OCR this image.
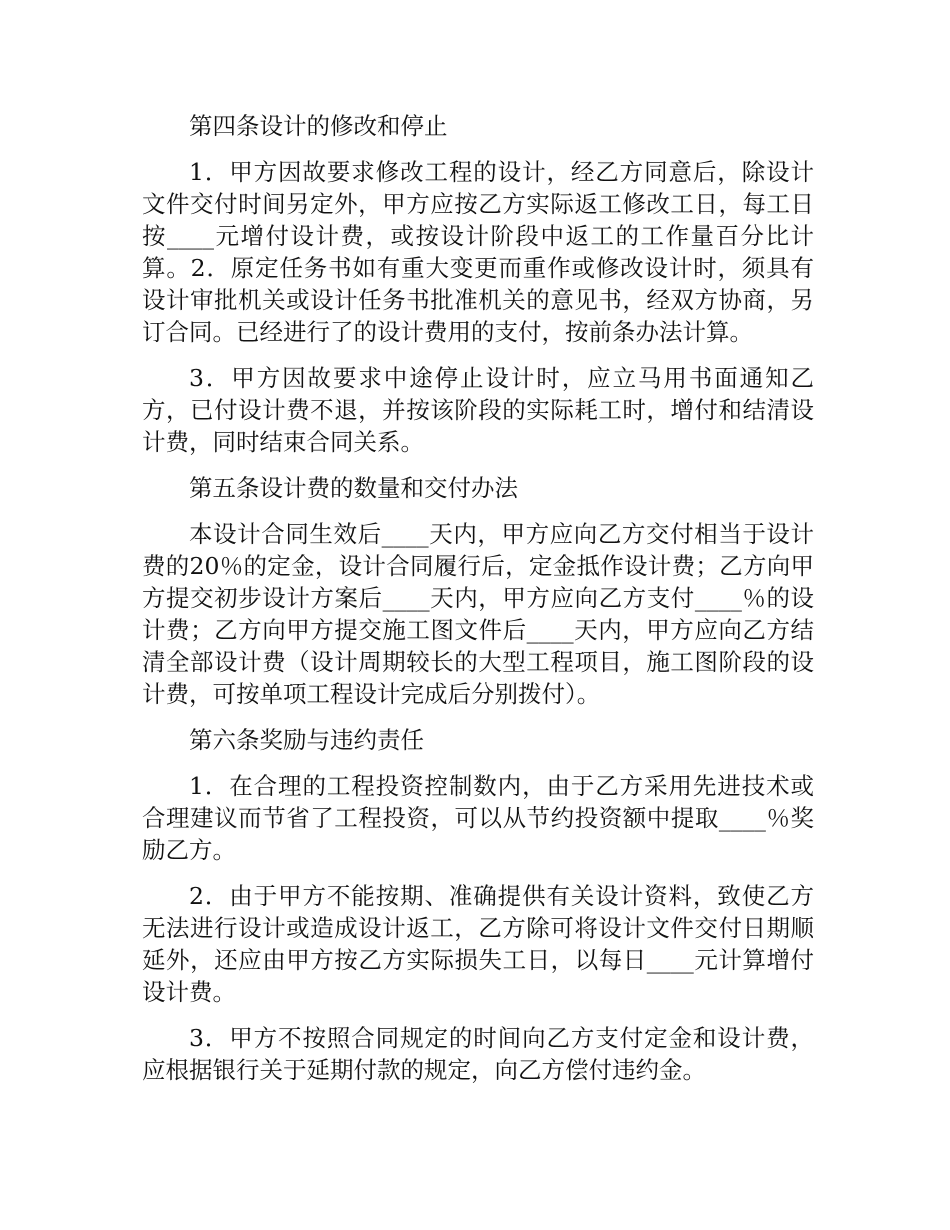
第四条设计的修改和停止

1．甲方因故要求修改工程的设计，经乙方同意后，除设计文件交付时间另定外，甲方应按乙方实际返工修改工日，每工日按____元增付设计费，或按设计阶段中返工的工作量百分比计算。2．原定任务书如有重大变更而重作或修改设计时，须具有设计审批机关或设计任务书批准机关的意见书，经双方协商，另订合同。已经进行了的设计费用的支付，按前条办法计算。

3．甲方因故要求中途停止设计时，应立马用书面通知乙方，已付设计费不退，并按该阶段的实际耗工时，增付和结清设计费，同时结束合同关系。

第五条设计费的数量和交付办法

本设计合同生效后____天内，甲方应向乙方交付相当于设计费的20％的定金，设计合同履行后，定金抵作设计费；乙方向甲方提交初步设计方案后____天内，甲方应向乙方支付____％的设计费；乙方向甲方提交施工图文件后____天内，甲方应向乙方结清全部设计费（设计周期较长的大型工程项目，施工图阶段的设计费，可按单项工程设计完成后分别拨付）。

第六条奖励与违约责任

1．在合理的工程投资控制数内，由于乙方采用先进技术或合理建议而节省了工程投资，可以从节约投资额中提取____％奖励乙方。

2．由于甲方不能按期、准确提供有关设计资料，致使乙方无法进行设计或造成设计返工，乙方除可将设计文件交付日期顺延外，还应由甲方按乙方实际损失工日，以每日____元计算增付设计费。

3．甲方不按照合同规定的时间向乙方支付定金和设计费，应根据银行关于延期付款的规定，向乙方偿付违约金。
